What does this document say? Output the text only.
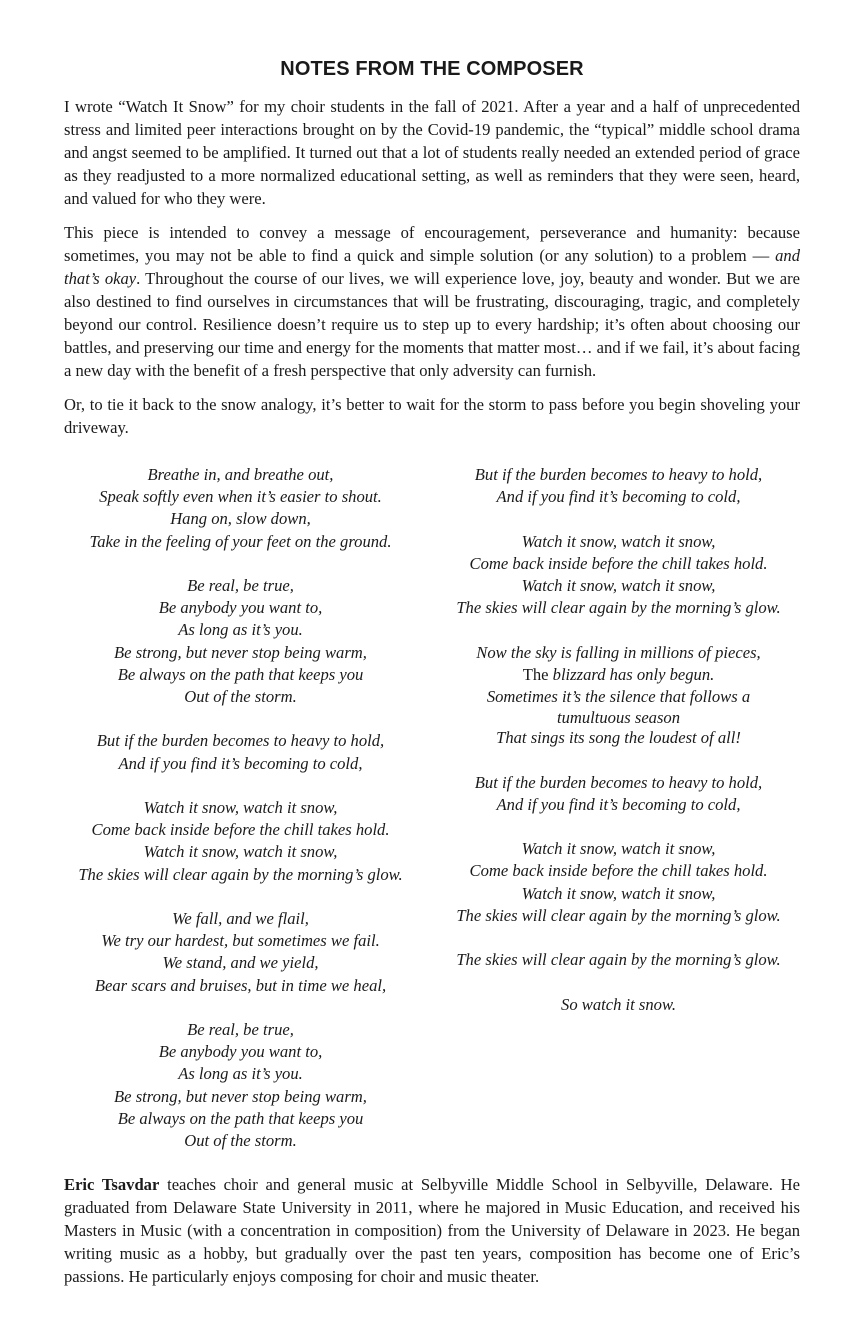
NOTES FROM THE COMPOSER

I wrote “Watch It Snow” for my choir students in the fall of 2021. After a year and a half of unprecedented stress and limited peer interactions brought on by the Covid-19 pandemic, the “typical” middle school drama and angst seemed to be amplified. It turned out that a lot of students really needed an extended period of grace as they readjusted to a more normalized educational setting, as well as reminders that they were seen, heard, and valued for who they were.

This piece is intended to convey a message of encouragement, perseverance and humanity: because sometimes, you may not be able to find a quick and simple solution (or any solution) to a problem — and that’s okay. Throughout the course of our lives, we will experience love, joy, beauty and wonder. But we are also destined to find ourselves in circumstances that will be frustrating, discouraging, tragic, and completely beyond our control. Resilience doesn’t require us to step up to every hardship; it’s often about choosing our battles, and preserving our time and energy for the moments that matter most… and if we fail, it’s about facing a new day with the benefit of a fresh perspective that only adversity can furnish.

Or, to tie it back to the snow analogy, it’s better to wait for the storm to pass before you begin shoveling your driveway.

Breathe in, and breathe out,
Speak softly even when it’s easier to shout.
Hang on, slow down,
Take in the feeling of your feet on the ground.
Be real, be true,
Be anybody you want to,
As long as it’s you.
Be strong, but never stop being warm,
Be always on the path that keeps you
Out of the storm.
But if the burden becomes to heavy to hold,
And if you find it’s becoming to cold,
Watch it snow, watch it snow,
Come back inside before the chill takes hold.
Watch it snow, watch it snow,
The skies will clear again by the morning’s glow.
We fall, and we flail,
We try our hardest, but sometimes we fail.
We stand, and we yield,
Bear scars and bruises, but in time we heal,
Be real, be true,
Be anybody you want to,
As long as it’s you.
Be strong, but never stop being warm,
Be always on the path that keeps you
Out of the storm.
But if the burden becomes to heavy to hold,
And if you find it’s becoming to cold,
Watch it snow, watch it snow,
Come back inside before the chill takes hold.
Watch it snow, watch it snow,
The skies will clear again by the morning’s glow.
Now the sky is falling in millions of pieces,
The blizzard has only begun.
Sometimes it’s the silence that follows a
tumultuous season
That sings its song the loudest of all!
But if the burden becomes to heavy to hold,
And if you find it’s becoming to cold,
Watch it snow, watch it snow,
Come back inside before the chill takes hold.
Watch it snow, watch it snow,
The skies will clear again by the morning’s glow.
The skies will clear again by the morning’s glow.
So watch it snow.

Eric Tsavdar teaches choir and general music at Selbyville Middle School in Selbyville, Delaware. He graduated from Delaware State University in 2011, where he majored in Music Education, and received his Masters in Music (with a concentration in composition) from the University of Delaware in 2023. He began writing music as a hobby, but gradually over the past ten years, composition has become one of Eric’s passions. He particularly enjoys composing for choir and music theater.
